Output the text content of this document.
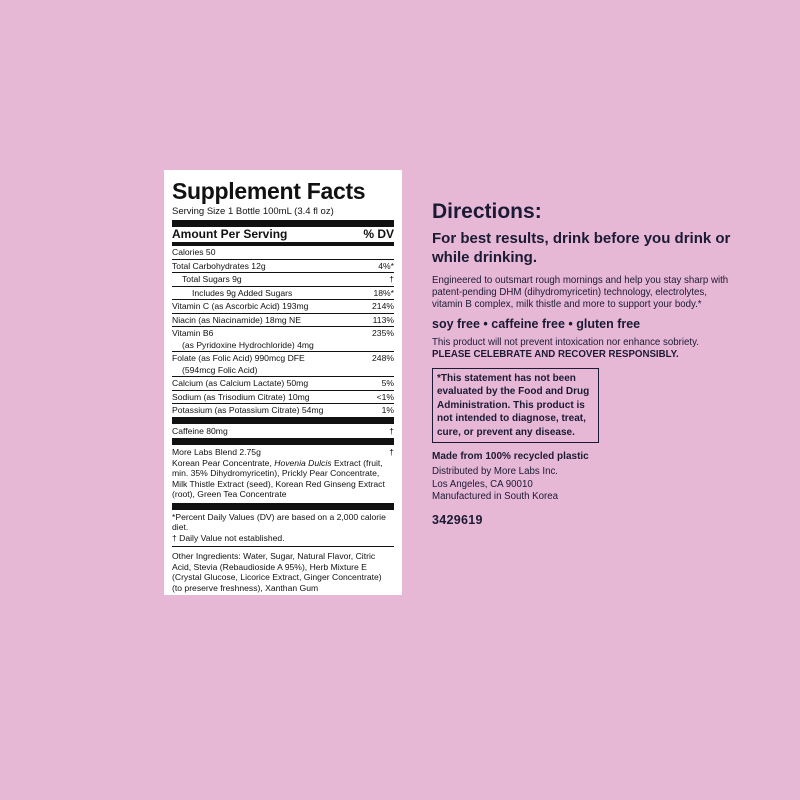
Supplement Facts
Serving Size 1 Bottle 100mL (3.4 fl oz)
Amount Per Serving	% DV
Calories 50
Total Carbohydrates 12g	4%*
Total Sugars 9g	†
Includes 9g Added Sugars	18%*
Vitamin C (as Ascorbic Acid) 193mg	214%
Niacin (as Niacinamide) 18mg NE	113%
Vitamin B6	235%
(as Pyridoxine Hydrochloride) 4mg
Folate (as Folic Acid) 990mcg DFE	248%
(594mcg Folic Acid)
Calcium (as Calcium Lactate) 50mg	5%
Sodium (as Trisodium Citrate) 10mg	<1%
Potassium (as Potassium Citrate) 54mg	1%
Caffeine 80mg	†
More Labs Blend 2.75g	†
Korean Pear Concentrate, Hovenia Dulcis Extract (fruit, min. 35% Dihydromyricetin), Prickly Pear Concentrate, Milk Thistle Extract (seed), Korean Red Ginseng Extract (root), Green Tea Concentrate
*Percent Daily Values (DV) are based on a 2,000 calorie diet.
† Daily Value not established.
Other Ingredients: Water, Sugar, Natural Flavor, Citric Acid, Stevia (Rebaudioside A 95%), Herb Mixture E (Crystal Glucose, Licorice Extract, Ginger Concentrate) (to preserve freshness), Xanthan Gum
Directions:
For best results, drink before you drink or while drinking.
Engineered to outsmart rough mornings and help you stay sharp with patent-pending DHM (dihydromyricetin) technology, electrolytes, vitamin B complex, milk thistle and more to support your body.*
soy free • caffeine free • gluten free
This product will not prevent intoxication nor enhance sobriety.
PLEASE CELEBRATE AND RECOVER RESPONSIBLY.
*This statement has not been evaluated by the Food and Drug Administration. This product is not intended to diagnose, treat, cure, or prevent any disease.
Made from 100% recycled plastic
Distributed by More Labs Inc.
Los Angeles, CA 90010
Manufactured in South Korea
3429619
